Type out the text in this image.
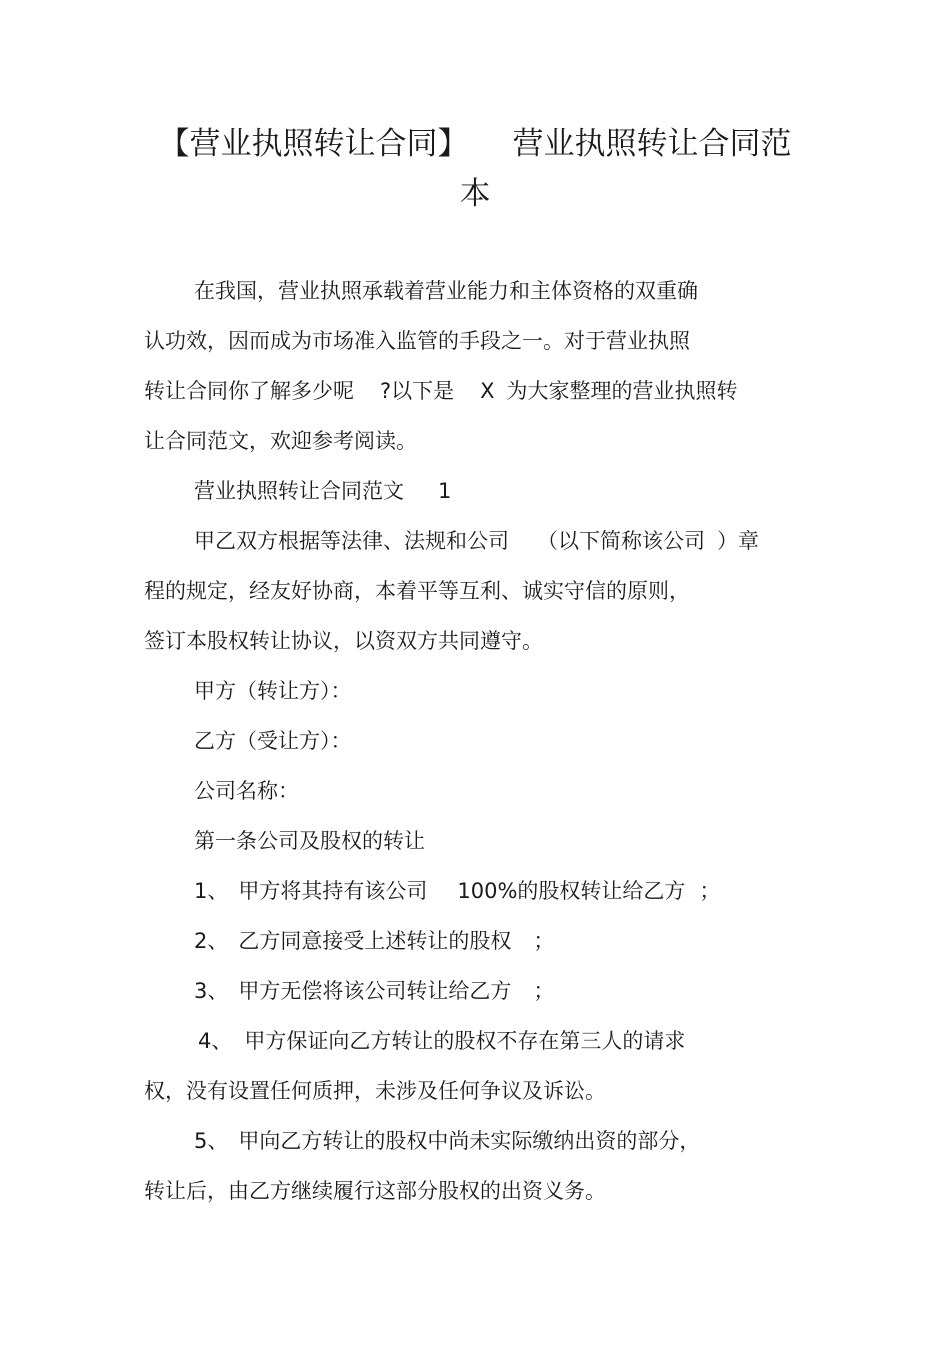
【营业执照转让合同】 营业执照转让合同范
本

在我国，营业执照承载着营业能力和主体资格的双重确

认功效，因而成为市场准入监管的手段之一。对于营业执照

转让合同你了解多少呢 ?以下是 X 为大家整理的营业执照转

让合同范文，欢迎参考阅读。

营业执照转让合同范文 1

甲乙双方根据等法律、法规和公司 （以下简称该公司 ）章

程的规定，经友好协商，本着平等互利、诚实守信的原则，

签订本股权转让协议，以资双方共同遵守。

甲方（转让方）：

乙方（受让方）：

公司名称：

第一条公司及股权的转让

1、 甲方将其持有该公司 100%的股权转让给乙方 ；

2、 乙方同意接受上述转让的股权 ；

3、 甲方无偿将该公司转让给乙方 ；

4、 甲方保证向乙方转让的股权不存在第三人的请求

权，没有设置任何质押，未涉及任何争议及诉讼。

5、 甲向乙方转让的股权中尚未实际缴纳出资的部分，

转让后，由乙方继续履行这部分股权的出资义务。
